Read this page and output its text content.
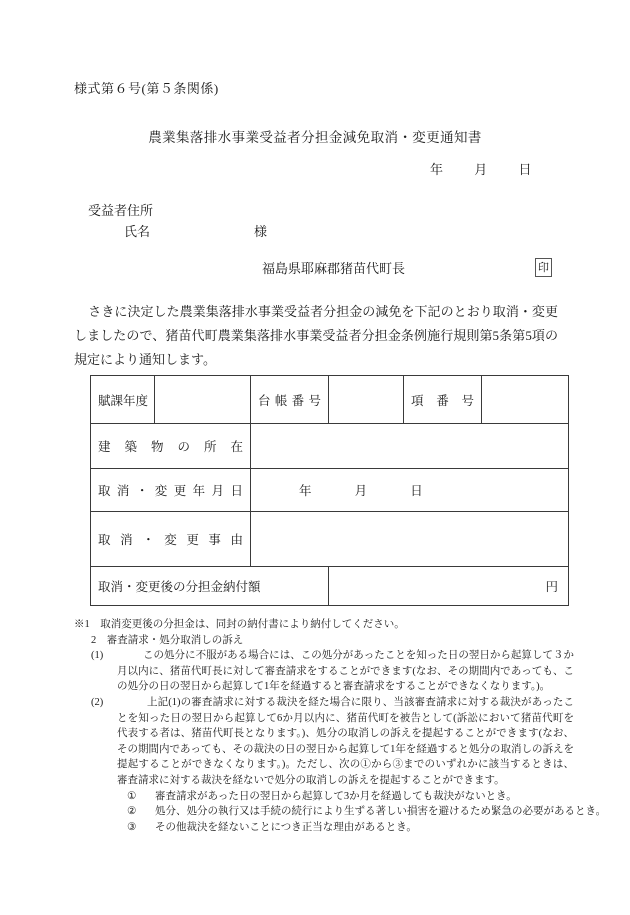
様式第６号(第５条関係)
農業集落排水事業受益者分担金減免取消・変更通知書
年 月 日
受益者住所
氏名	様
福島県耶麻郡猪苗代町長	印
さきに決定した農業集落排水事業受益者分担金の減免を下記のとおり取消・変更しましたので、猪苗代町農業集落排水事業受益者分担金条例施行規則第5条第5項の規定により通知します。
賦課年度		台帳番号		項番号	

建築物の所在					

取消・変更年月日		年 月 日			

取消・変更事由					

取消・変更後の分担金納付額			円		
※1　取消変更後の分担金は、同封の納付書により納付してください。
2　審査請求・処分取消しの訴え
(1)	この処分に不服がある場合には、この処分があったことを知った日の翌日から起算して３か月以内に、猪苗代町長に対して審査請求をすることができます(なお、その期間内であっても、この処分の日の翌日から起算して1年を経過すると審査請求をすることができなくなります。)。
(2)	上記(1)の審査請求に対する裁決を経た場合に限り、当該審査請求に対する裁決があったことを知った日の翌日から起算して6か月以内に、猪苗代町を被告として(訴訟において猪苗代町を代表する者は、猪苗代町長となります。)、処分の取消しの訴えを提起することができます(なお、その期間内であっても、その裁決の日の翌日から起算して1年を経過すると処分の取消しの訴えを提起することができなくなります。)。ただし、次の①から③までのいずれかに該当するときは、審査請求に対する裁決を経ないで処分の取消しの訴えを提起することができます。
① 審査請求があった日の翌日から起算して3か月を経過しても裁決がないとき。
② 処分、処分の執行又は手続の続行により生ずる著しい損害を避けるため緊急の必要があるとき。
③ その他裁決を経ないことにつき正当な理由があるとき。
